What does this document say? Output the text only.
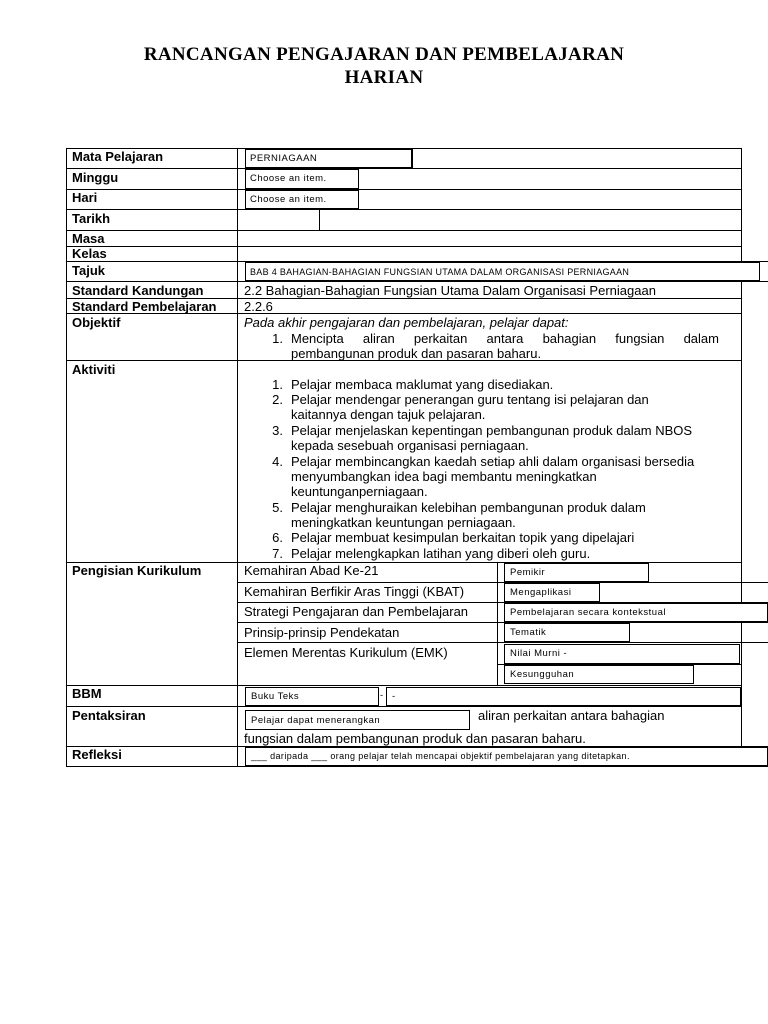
RANCANGAN PENGAJARAN DAN PEMBELAJARAN
HARIAN
Mata Pelajaran
Minggu
Hari
Tarikh
Masa
Kelas
Tajuk
Standard Kandungan
Standard Pembelajaran
Objektif
Aktiviti
Pengisian Kurikulum
BBM
Pentaksiran
Refleksi
PERNIAGAAN
Choose an item.
Choose an item.
BAB 4 BAHAGIAN-BAHAGIAN FUNGSIAN UTAMA DALAM ORGANISASI PERNIAGAAN
2.2 Bahagian-Bahagian Fungsian Utama Dalam Organisasi Perniagaan
2.2.6
Pada akhir pengajaran dan pembelajaran, pelajar dapat:
1. Mencipta aliran perkaitan antara bahagian fungsian dalam
pembangunan produk dan pasaran baharu.
1. Pelajar membaca maklumat yang disediakan.
2. Pelajar mendengar penerangan guru tentang isi pelajaran dan
kaitannya dengan tajuk pelajaran.
3. Pelajar menjelaskan kepentingan pembangunan produk dalam NBOS
kepada sesebuah organisasi perniagaan.
4. Pelajar membincangkan kaedah setiap ahli dalam organisasi bersedia
menyumbangkan idea bagi membantu meningkatkan
keuntunganperniagaan.
5. Pelajar menghuraikan kelebihan pembangunan produk dalam
meningkatkan keuntungan perniagaan.
6. Pelajar membuat kesimpulan berkaitan topik yang dipelajari
7. Pelajar melengkapkan latihan yang diberi oleh guru.
Kemahiran Abad Ke-21
Kemahiran Berfikir Aras Tinggi (KBAT)
Strategi Pengajaran dan Pembelajaran
Prinsip-prinsip Pendekatan
Elemen Merentas Kurikulum (EMK)
Pemikir
Mengaplikasi
Pembelajaran secara kontekstual
Tematik
Nilai Murni -
Kesungguhan
Buku Teks	- -
Pelajar dapat menerangkan	aliran perkaitan antara bahagian
fungsian dalam pembangunan produk dan pasaran baharu.
___ daripada ___ orang pelajar telah mencapai objektif pembelajaran yang ditetapkan.
